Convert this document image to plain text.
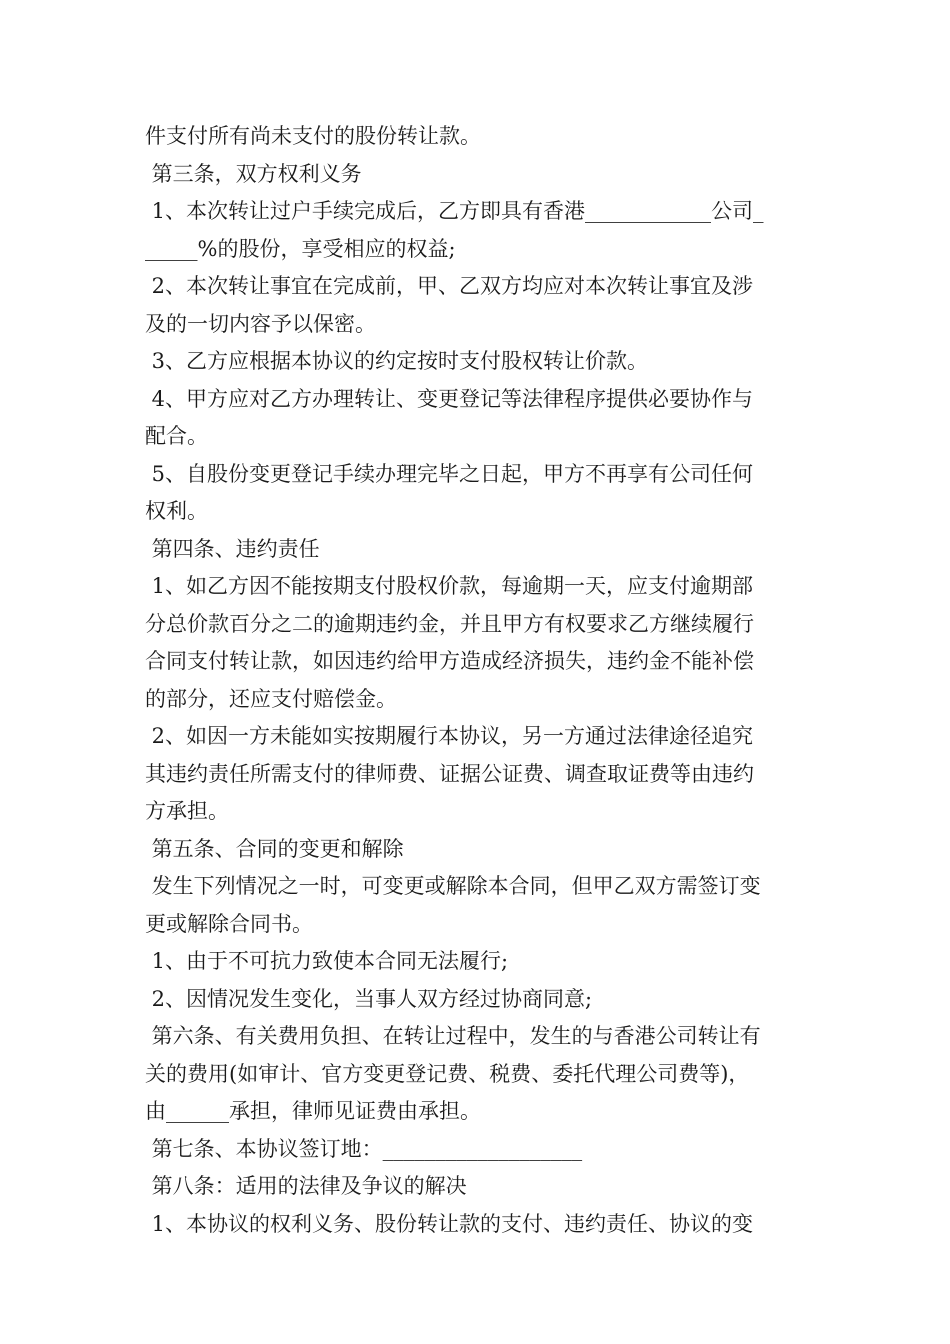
件支付所有尚未支付的股份转让款。
第三条，双方权利义务
1、本次转让过户手续完成后，乙方即具有香港____________公司_
_____%的股份，享受相应的权益;
2、本次转让事宜在完成前，甲、乙双方均应对本次转让事宜及涉
及的一切内容予以保密。
3、乙方应根据本协议的约定按时支付股权转让价款。
4、甲方应对乙方办理转让、变更登记等法律程序提供必要协作与
配合。
5、自股份变更登记手续办理完毕之日起，甲方不再享有公司任何
权利。
第四条、违约责任
1、如乙方因不能按期支付股权价款，每逾期一天，应支付逾期部
分总价款百分之二的逾期违约金，并且甲方有权要求乙方继续履行
合同支付转让款，如因违约给甲方造成经济损失，违约金不能补偿
的部分，还应支付赔偿金。
2、如因一方未能如实按期履行本协议，另一方通过法律途径追究
其违约责任所需支付的律师费、证据公证费、调查取证费等由违约
方承担。
第五条、合同的变更和解除
发生下列情况之一时，可变更或解除本合同，但甲乙双方需签订变
更或解除合同书。
1、由于不可抗力致使本合同无法履行;
2、因情况发生变化，当事人双方经过协商同意;
第六条、有关费用负担、在转让过程中，发生的与香港公司转让有
关的费用(如审计、官方变更登记费、税费、委托代理公司费等)，
由______承担，律师见证费由承担。
第七条、本协议签订地：___________________
第八条：适用的法律及争议的解决
1、本协议的权利义务、股份转让款的支付、违约责任、协议的变
